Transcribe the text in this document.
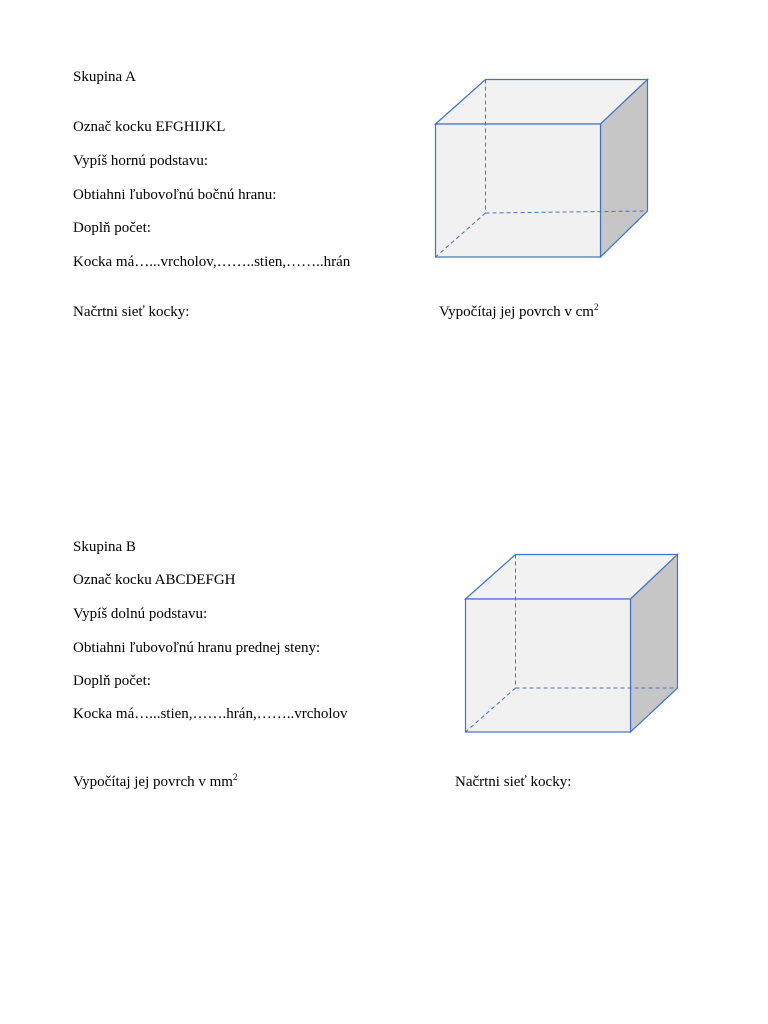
Skupina A
Označ kocku EFGHIJKL
Vypíš hornú podstavu:
Obtiahni ľubovoľnú bočnú hranu:
Doplň počet:
Kocka má…...vrcholov,……..stien,……..hrán
Načrtni sieť kocky:	Vypočítaj jej povrch v $cm^2$
Skupina B
Označ kocku ABCDEFGH
Vypíš dolnú podstavu:
Obtiahni ľubovoľnú hranu prednej steny:
Doplň počet:
Kocka má…...stien,…….hrán,……..vrcholov
Vypočítaj jej povrch v $mm^2$	Načrtni sieť kocky:
